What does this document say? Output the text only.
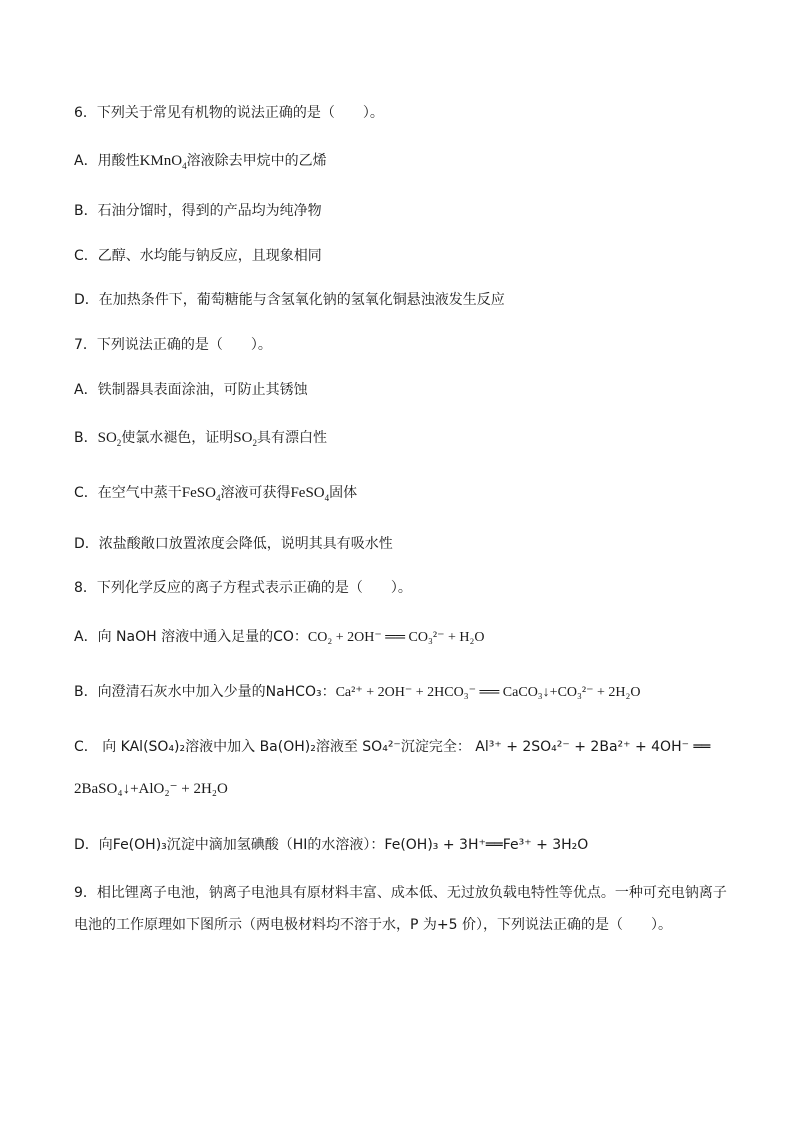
6．下列关于常见有机物的说法正确的是（　　）。
A．用酸性KMnO$_4$溶液除去甲烷中的乙烯
B．石油分馏时，得到的产品均为纯净物
C．乙醇、水均能与钠反应，且现象相同
D．在加热条件下，葡萄糖能与含氢氧化钠的氢氧化铜悬浊液发生反应
7．下列说法正确的是（　　）。
A．铁制器具表面涂油，可防止其锈蚀
B．$SO_2$使氯水褪色，证明$SO_2$具有漂白性
C．在空气中蒸干FeSO$_4$溶液可获得FeSO$_4$固体
D．浓盐酸敞口放置浓度会降低，说明其具有吸水性
8．下列化学反应的离子方程式表示正确的是（　　）。
A．向 NaOH 溶液中通入足量的CO：CO₂ + 2OH⁻ ══ CO₃²⁻ + H₂O
B．向澄清石灰水中加入少量的NaHCO₃：Ca²⁺ + 2OH⁻ + 2HCO₃⁻ ══ CaCO₃↓+CO₃²⁻ + 2H₂O
C． 向 KAl(SO₄)₂溶液中加入 Ba(OH)₂溶液至 SO₄²⁻沉淀完全： Al³⁺ + 2SO₄²⁻ + 2Ba²⁺ + 4OH⁻ ══
2BaSO₄↓+AlO₂⁻ + 2H₂O
D．向Fe(OH)₃沉淀中滴加氢碘酸（HI的水溶液）：Fe(OH)₃ + 3H⁺══Fe³⁺ + 3H₂O
9．相比锂离子电池，钠离子电池具有原材料丰富、成本低、无过放负载电特性等优点。一种可充电钠离子
电池的工作原理如下图所示（两电极材料均不溶于水，P 为+5 价），下列说法正确的是（　　）。
